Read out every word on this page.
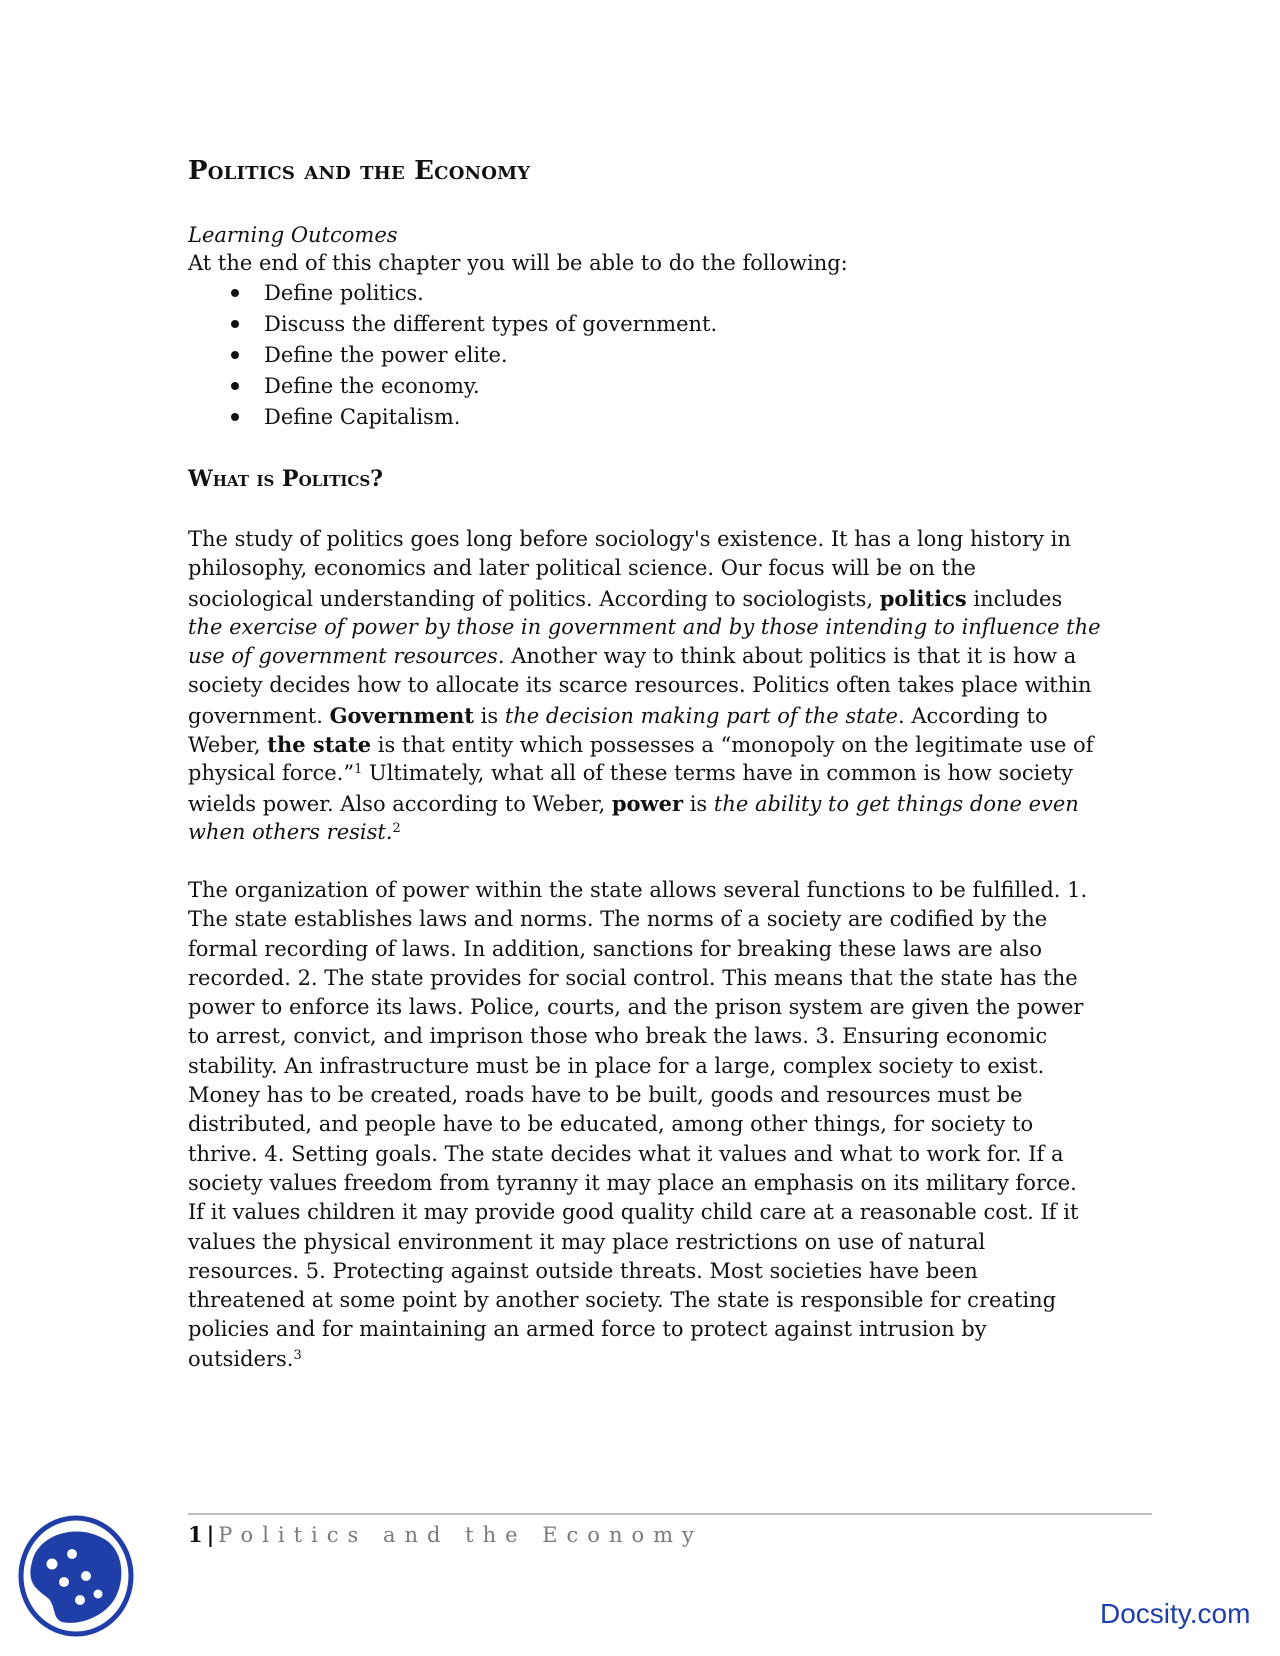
Politics and the Economy
Learning Outcomes
At the end of this chapter you will be able to do the following:
Define politics.
Discuss the different types of government.
Define the power elite.
Define the economy.
Define Capitalism.
What is Politics?
The study of politics goes long before sociology's existence. It has a long history in
philosophy, economics and later political science. Our focus will be on the
sociological understanding of politics. According to sociologists, politics includes
the exercise of power by those in government and by those intending to influence the
use of government resources. Another way to think about politics is that it is how a
society decides how to allocate its scarce resources. Politics often takes place within
government. Government is the decision making part of the state. According to
Weber, the state is that entity which possesses a “monopoly on the legitimate use of
physical force.”$^1$ Ultimately, what all of these terms have in common is how society
wields power. Also according to Weber, power is the ability to get things done even
when others resist.$^2$
The organization of power within the state allows several functions to be fulfilled. 1.
The state establishes laws and norms. The norms of a society are codified by the
formal recording of laws. In addition, sanctions for breaking these laws are also
recorded. 2. The state provides for social control. This means that the state has the
power to enforce its laws. Police, courts, and the prison system are given the power
to arrest, convict, and imprison those who break the laws. 3. Ensuring economic
stability. An infrastructure must be in place for a large, complex society to exist.
Money has to be created, roads have to be built, goods and resources must be
distributed, and people have to be educated, among other things, for society to
thrive. 4. Setting goals. The state decides what it values and what to work for. If a
society values freedom from tyranny it may place an emphasis on its military force.
If it values children it may provide good quality child care at a reasonable cost. If it
values the physical environment it may place restrictions on use of natural
resources. 5. Protecting against outside threats. Most societies have been
threatened at some point by another society. The state is responsible for creating
policies and for maintaining an armed force to protect against intrusion by
outsiders.$^3$
1 | Politics and the Economy
Docsity.com
